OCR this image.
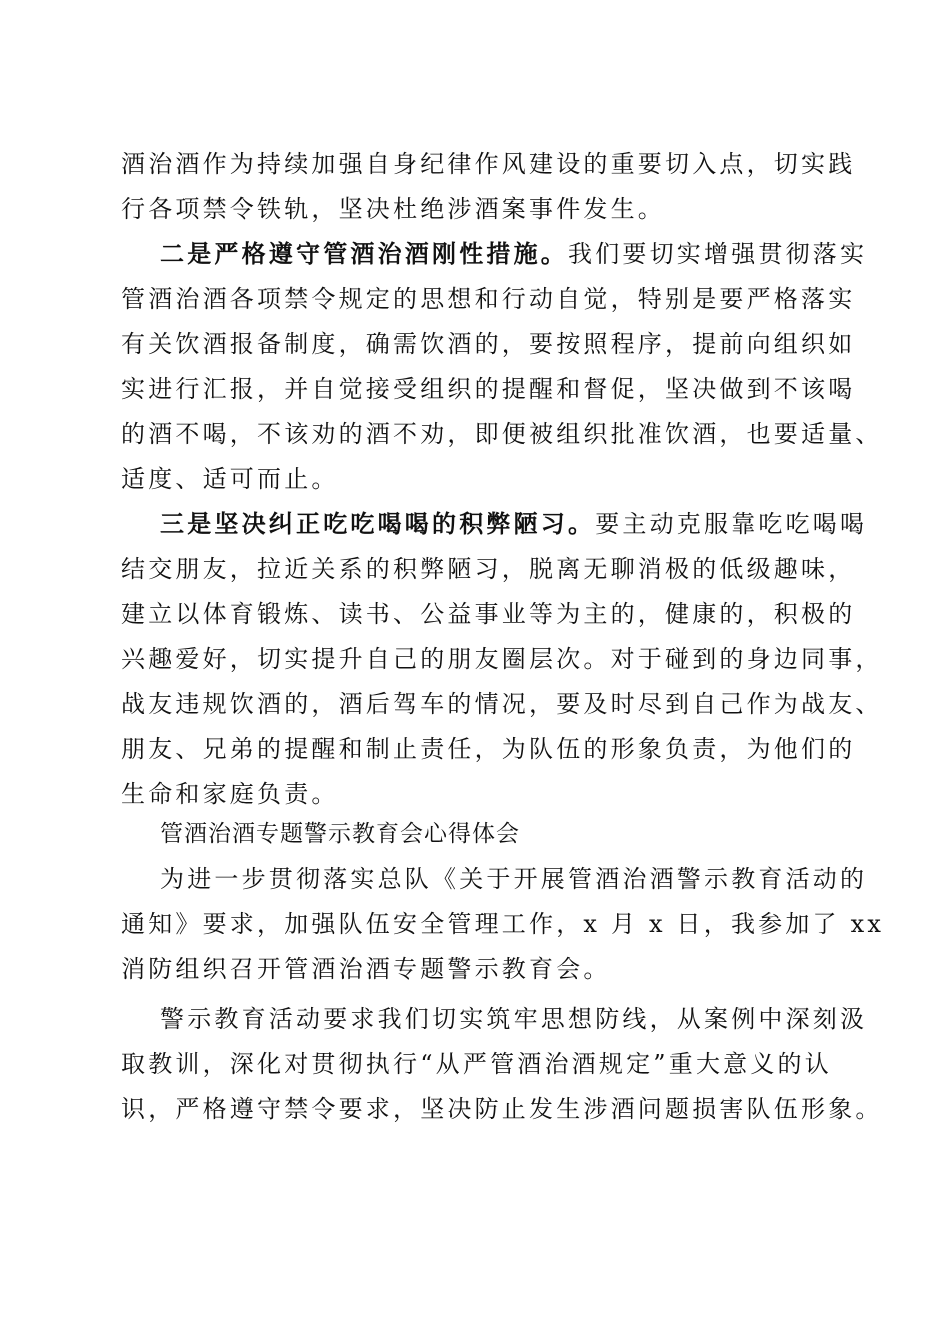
酒治酒作为持续加强自身纪律作风建设的重要切入点，切实践

行各项禁令铁轨，坚决杜绝涉酒案事件发生。

二是严格遵守管酒治酒刚性措施。我们要切实增强贯彻落实

管酒治酒各项禁令规定的思想和行动自觉，特别是要严格落实

有关饮酒报备制度，确需饮酒的，要按照程序，提前向组织如

实进行汇报，并自觉接受组织的提醒和督促，坚决做到不该喝

的酒不喝，不该劝的酒不劝，即便被组织批准饮酒，也要适量、

适度、适可而止。

三是坚决纠正吃吃喝喝的积弊陋习。要主动克服靠吃吃喝喝

结交朋友，拉近关系的积弊陋习，脱离无聊消极的低级趣味，

建立以体育锻炼、读书、公益事业等为主的，健康的，积极的

兴趣爱好，切实提升自己的朋友圈层次。对于碰到的身边同事，

战友违规饮酒的，酒后驾车的情况，要及时尽到自己作为战友、

朋友、兄弟的提醒和制止责任，为队伍的形象负责，为他们的

生命和家庭负责。

管酒治酒专题警示教育会心得体会

为进一步贯彻落实总队《关于开展管酒治酒警示教育活动的

通知》要求，加强队伍安全管理工作，x 月 x 日，我参加了 xx

消防组织召开管酒治酒专题警示教育会。

警示教育活动要求我们切实筑牢思想防线，从案例中深刻汲

取教训，深化对贯彻执行“从严管酒治酒规定”重大意义的认

识，严格遵守禁令要求，坚决防止发生涉酒问题损害队伍形象。
